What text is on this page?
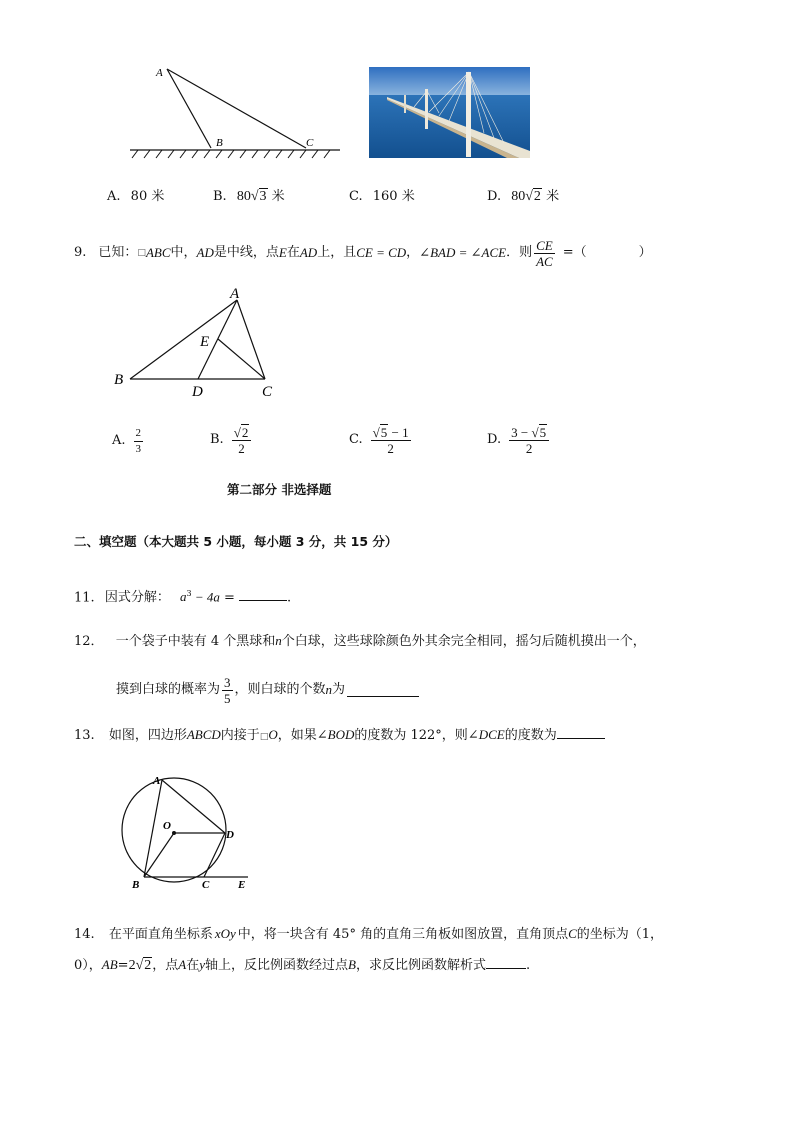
A
B	C
A. 80 米	B. 80√3 米	C. 160 米	D. 80√2 米
9. 已知： □ ABC 中， AD 是中线，点 E 在 AD 上，且 CE = CD ， ∠BAD = ∠ACE ．则 $\frac{CE}{AC}$ =（	）
A
B
C
D
E
A. $\frac{2}{3}$	B. $\frac{√2}{2}$	C. $\frac{√5 - 1}{2}$	D. $\frac{3 - √5}{2}$
第二部分 非选择题
二、填空题（本大题共 5 小题，每小题 3 分，共 15 分）
11. 因式分解： $a^3 - 4a$ =	.
12． 一个袋子中装有 4 个黑球和n个白球，这些球除颜色外其余完全相同，摇匀后随机摸出一个，
摸到白球的概率为 $\frac{3}{5}$ ，则白球的个数 n 为
13. 如图，四边形ABCD内接于□O，如果∠BOD的度数为 122°，则∠DCE的度数为
A
B	C
D
E
O
14. 在平面直角坐标系 xOy 中，将一块含有 45° 角的直角三角板如图放置，直角顶点C的坐标为（1，
0），AB=2√2，点A在y轴上，反比例函数经过点B，求反比例函数解析式	.
